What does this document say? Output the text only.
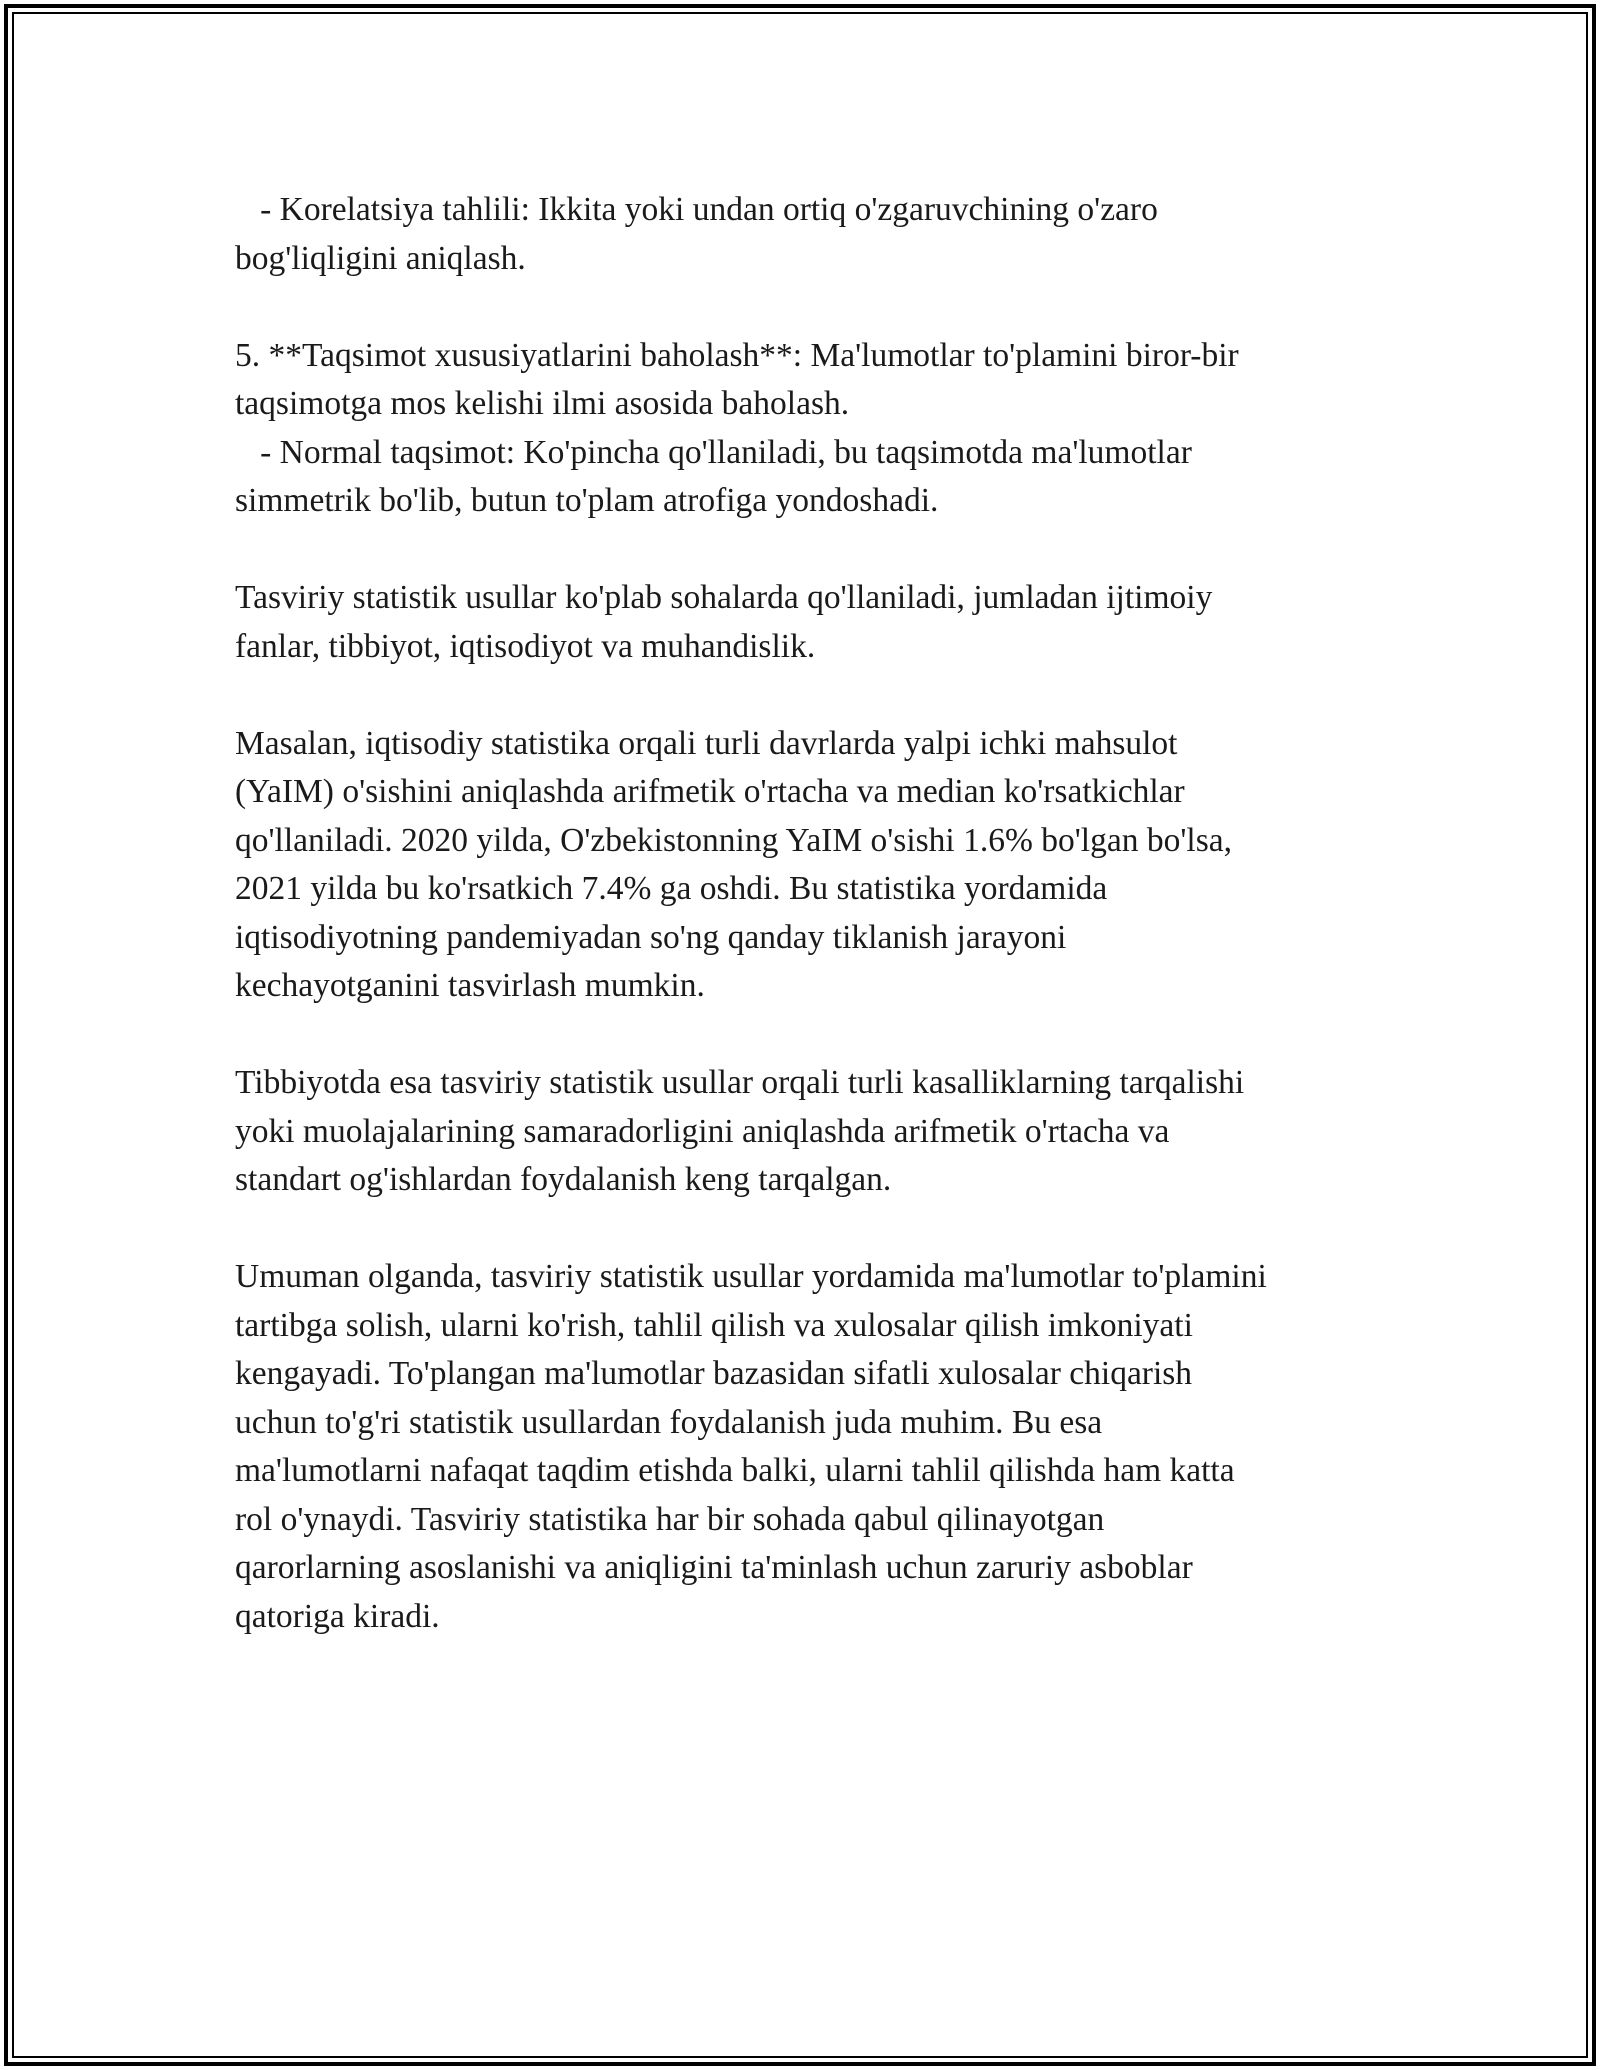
- Korelatsiya tahlili: Ikkita yoki undan ortiq o'zgaruvchining o'zaro
bog'liqligini aniqlash.

5. **Taqsimot xususiyatlarini baholash**: Ma'lumotlar to'plamini biror-bir
taqsimotga mos kelishi ilmi asosida baholash.
- Normal taqsimot: Ko'pincha qo'llaniladi, bu taqsimotda ma'lumotlar
simmetrik bo'lib, butun to'plam atrofiga yondoshadi.

Tasviriy statistik usullar ko'plab sohalarda qo'llaniladi, jumladan ijtimoiy
fanlar, tibbiyot, iqtisodiyot va muhandislik.

Masalan, iqtisodiy statistika orqali turli davrlarda yalpi ichki mahsulot
(YaIM) o'sishini aniqlashda arifmetik o'rtacha va median ko'rsatkichlar
qo'llaniladi. 2020 yilda, O'zbekistonning YaIM o'sishi 1.6% bo'lgan bo'lsa,
2021 yilda bu ko'rsatkich 7.4% ga oshdi. Bu statistika yordamida
iqtisodiyotning pandemiyadan so'ng qanday tiklanish jarayoni
kechayotganini tasvirlash mumkin.

Tibbiyotda esa tasviriy statistik usullar orqali turli kasalliklarning tarqalishi
yoki muolajalarining samaradorligini aniqlashda arifmetik o'rtacha va
standart og'ishlardan foydalanish keng tarqalgan.

Umuman olganda, tasviriy statistik usullar yordamida ma'lumotlar to'plamini
tartibga solish, ularni ko'rish, tahlil qilish va xulosalar qilish imkoniyati
kengayadi. To'plangan ma'lumotlar bazasidan sifatli xulosalar chiqarish
uchun to'g'ri statistik usullardan foydalanish juda muhim. Bu esa
ma'lumotlarni nafaqat taqdim etishda balki, ularni tahlil qilishda ham katta
rol o'ynaydi. Tasviriy statistika har bir sohada qabul qilinayotgan
qarorlarning asoslanishi va aniqligini ta'minlash uchun zaruriy asboblar
qatoriga kiradi.
